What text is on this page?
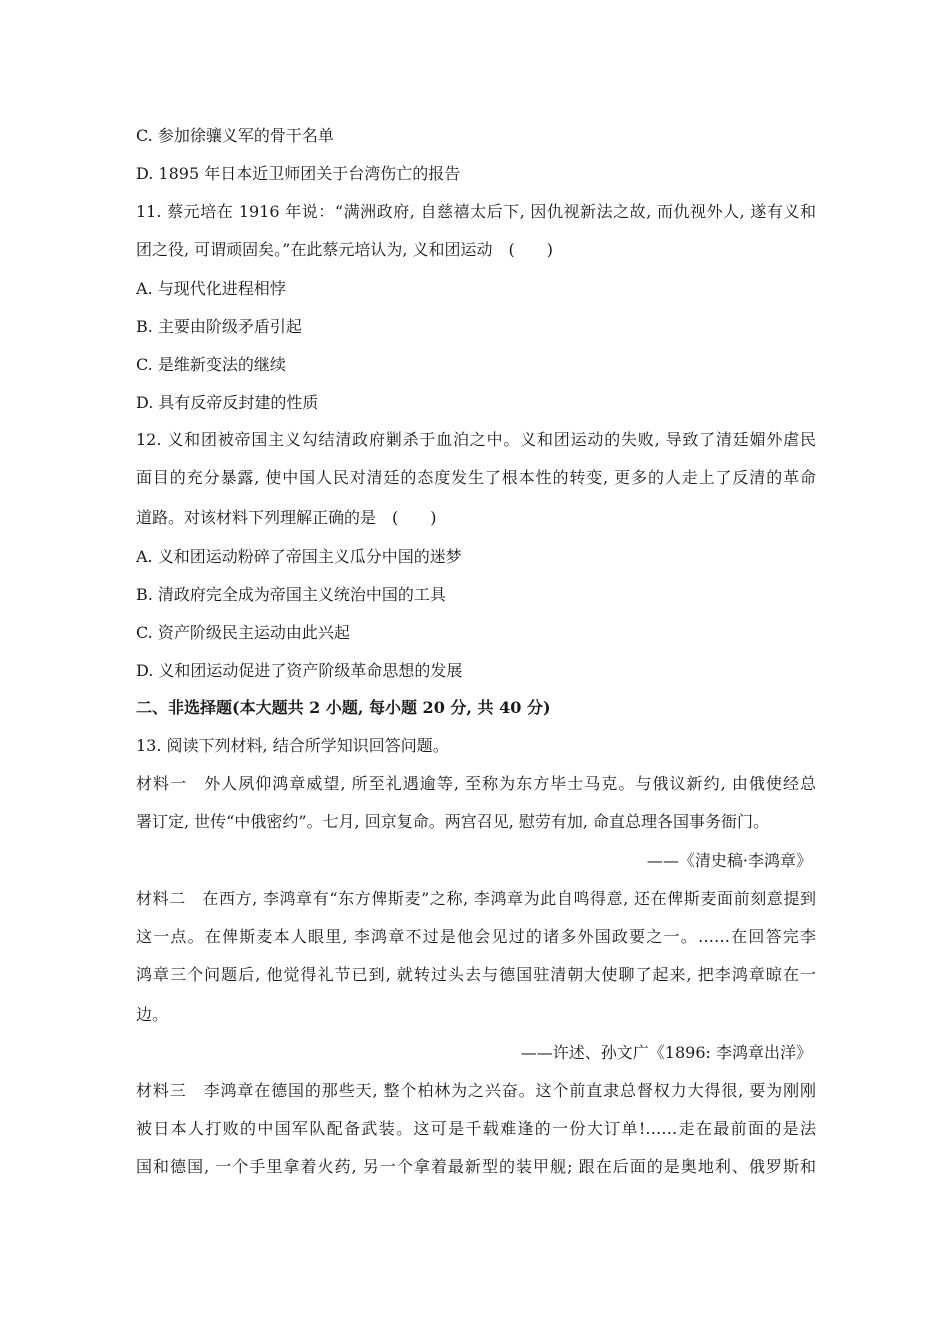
C. 参加徐骧义军的骨干名单
D. 1895 年日本近卫师团关于台湾伤亡的报告
11. 蔡元培在 1916 年说：“满洲政府, 自慈禧太后下, 因仇视新法之故, 而仇视外人, 遂有义和
团之役, 可谓顽固矣。”在此蔡元培认为, 义和团运动　(　　)
A. 与现代化进程相悖
B. 主要由阶级矛盾引起
C. 是维新变法的继续
D. 具有反帝反封建的性质
12. 义和团被帝国主义勾结清政府剿杀于血泊之中。义和团运动的失败, 导致了清廷媚外虐民
面目的充分暴露, 使中国人民对清廷的态度发生了根本性的转变, 更多的人走上了反清的革命
道路。对该材料下列理解正确的是　(　　)
A. 义和团运动粉碎了帝国主义瓜分中国的迷梦
B. 清政府完全成为帝国主义统治中国的工具
C. 资产阶级民主运动由此兴起
D. 义和团运动促进了资产阶级革命思想的发展
二、非选择题(本大题共 2 小题, 每小题 20 分, 共 40 分)
13. 阅读下列材料, 结合所学知识回答问题。
材料一　外人夙仰鸿章威望, 所至礼遇逾等, 至称为东方毕士马克。与俄议新约, 由俄使经总
署订定, 世传“中俄密约”。七月, 回京复命。两宫召见, 慰劳有加, 命直总理各国事务衙门。
——《清史稿·李鸿章》
材料二　在西方, 李鸿章有“东方俾斯麦”之称, 李鸿章为此自鸣得意, 还在俾斯麦面前刻意提到
这一点。在俾斯麦本人眼里, 李鸿章不过是他会见过的诸多外国政要之一。……在回答完李
鸿章三个问题后, 他觉得礼节已到, 就转过头去与德国驻清朝大使聊了起来, 把李鸿章晾在一
边。
——许述、孙文广《1896: 李鸿章出洋》
材料三　李鸿章在德国的那些天, 整个柏林为之兴奋。这个前直隶总督权力大得很, 要为刚刚
被日本人打败的中国军队配备武装。这可是千载难逢的一份大订单!……走在最前面的是法
国和德国, 一个手里拿着火药, 另一个拿着最新型的装甲舰; 跟在后面的是奥地利、俄罗斯和
